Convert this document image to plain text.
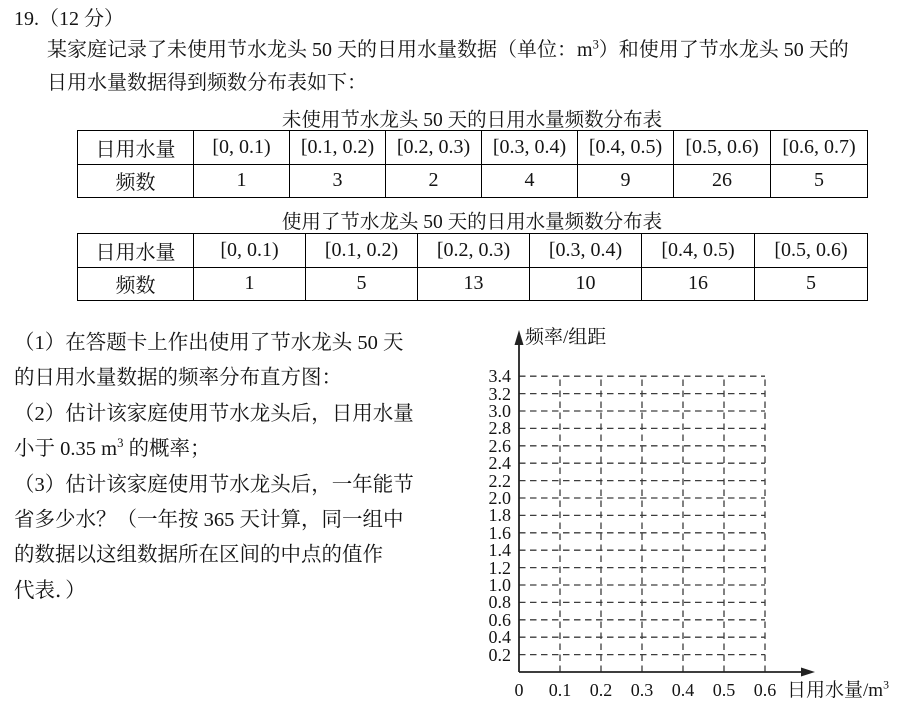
19.（12 分）
某家庭记录了未使用节水龙头 50 天的日用水量数据（单位：$m^3$）和使用了节水龙头 50 天的
日用水量数据得到频数分布表如下：
未使用节水龙头 50 天的日用水量频数分布表
日用水量	[0, 0.1)	[0.1, 0.2)	[0.2, 0.3)	[0.3, 0.4)	[0.4, 0.5)	[0.5, 0.6)	[0.6, 0.7)
频数	1	3	2	4	9	26	5
使用了节水龙头 50 天的日用水量频数分布表
日用水量	[0, 0.1)	[0.1, 0.2)	[0.2, 0.3)	[0.3, 0.4)	[0.4, 0.5)	[0.5, 0.6)
频数	1	5	13	10	16	5
（1）在答题卡上作出使用了节水龙头 50 天
的日用水量数据的频率分布直方图：
（2）估计该家庭使用节水龙头后，日用水量
小于 0.35 $m^3$ 的概率；
（3）估计该家庭使用节水龙头后，一年能节
省多少水？（一年按 365 天计算，同一组中
的数据以这组数据所在区间的中点的值作
代表．）
频率/组距
日用水量$/m^3$
0.2
0.4
0.6
0.8
1.0
1.2
1.4
1.6
1.8
2.0
2.2
2.4
2.6
2.8
3.0
3.2
3.4
0	0.1	0.2	0.3	0.4	0.5	0.6
